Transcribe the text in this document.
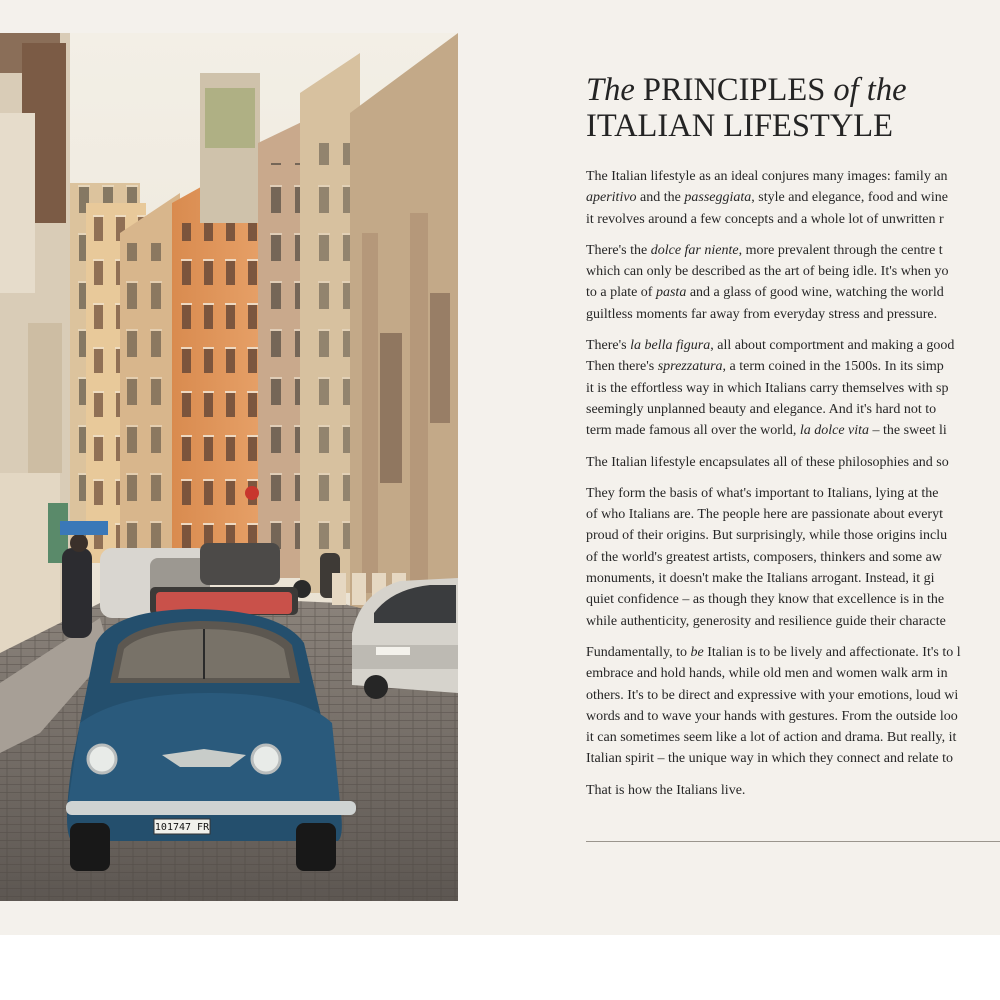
101747 FR
The PRINCIPLES of the
ITALIAN LIFESTYLE

The Italian lifestyle as an ideal conjures many images: family an
aperitivo and the passeggiata, style and elegance, food and wine
it revolves around a few concepts and a whole lot of unwritten r

There's the dolce far niente, more prevalent through the centre t
which can only be described as the art of being idle. It's when yo
to a plate of pasta and a glass of good wine, watching the world
guiltless moments far away from everyday stress and pressure.

There's la bella figura, all about comportment and making a good
Then there's sprezzatura, a term coined in the 1500s. In its simp
it is the effortless way in which Italians carry themselves with sp
seemingly unplanned beauty and elegance. And it's hard not to
term made famous all over the world, la dolce vita – the sweet li

The Italian lifestyle encapsulates all of these philosophies and so

They form the basis of what's important to Italians, lying at the
of who Italians are. The people here are passionate about everyt
proud of their origins. But surprisingly, while those origins inclu
of the world's greatest artists, composers, thinkers and some aw
monuments, it doesn't make the Italians arrogant. Instead, it gi
quiet confidence – as though they know that excellence is in the
while authenticity, generosity and resilience guide their characte

Fundamentally, to be Italian is to be lively and affectionate. It's to l
embrace and hold hands, while old men and women walk arm in
others. It's to be direct and expressive with your emotions, loud wi
words and to wave your hands with gestures. From the outside loo
it can sometimes seem like a lot of action and drama. But really, it
Italian spirit – the unique way in which they connect and relate to

That is how the Italians live.
